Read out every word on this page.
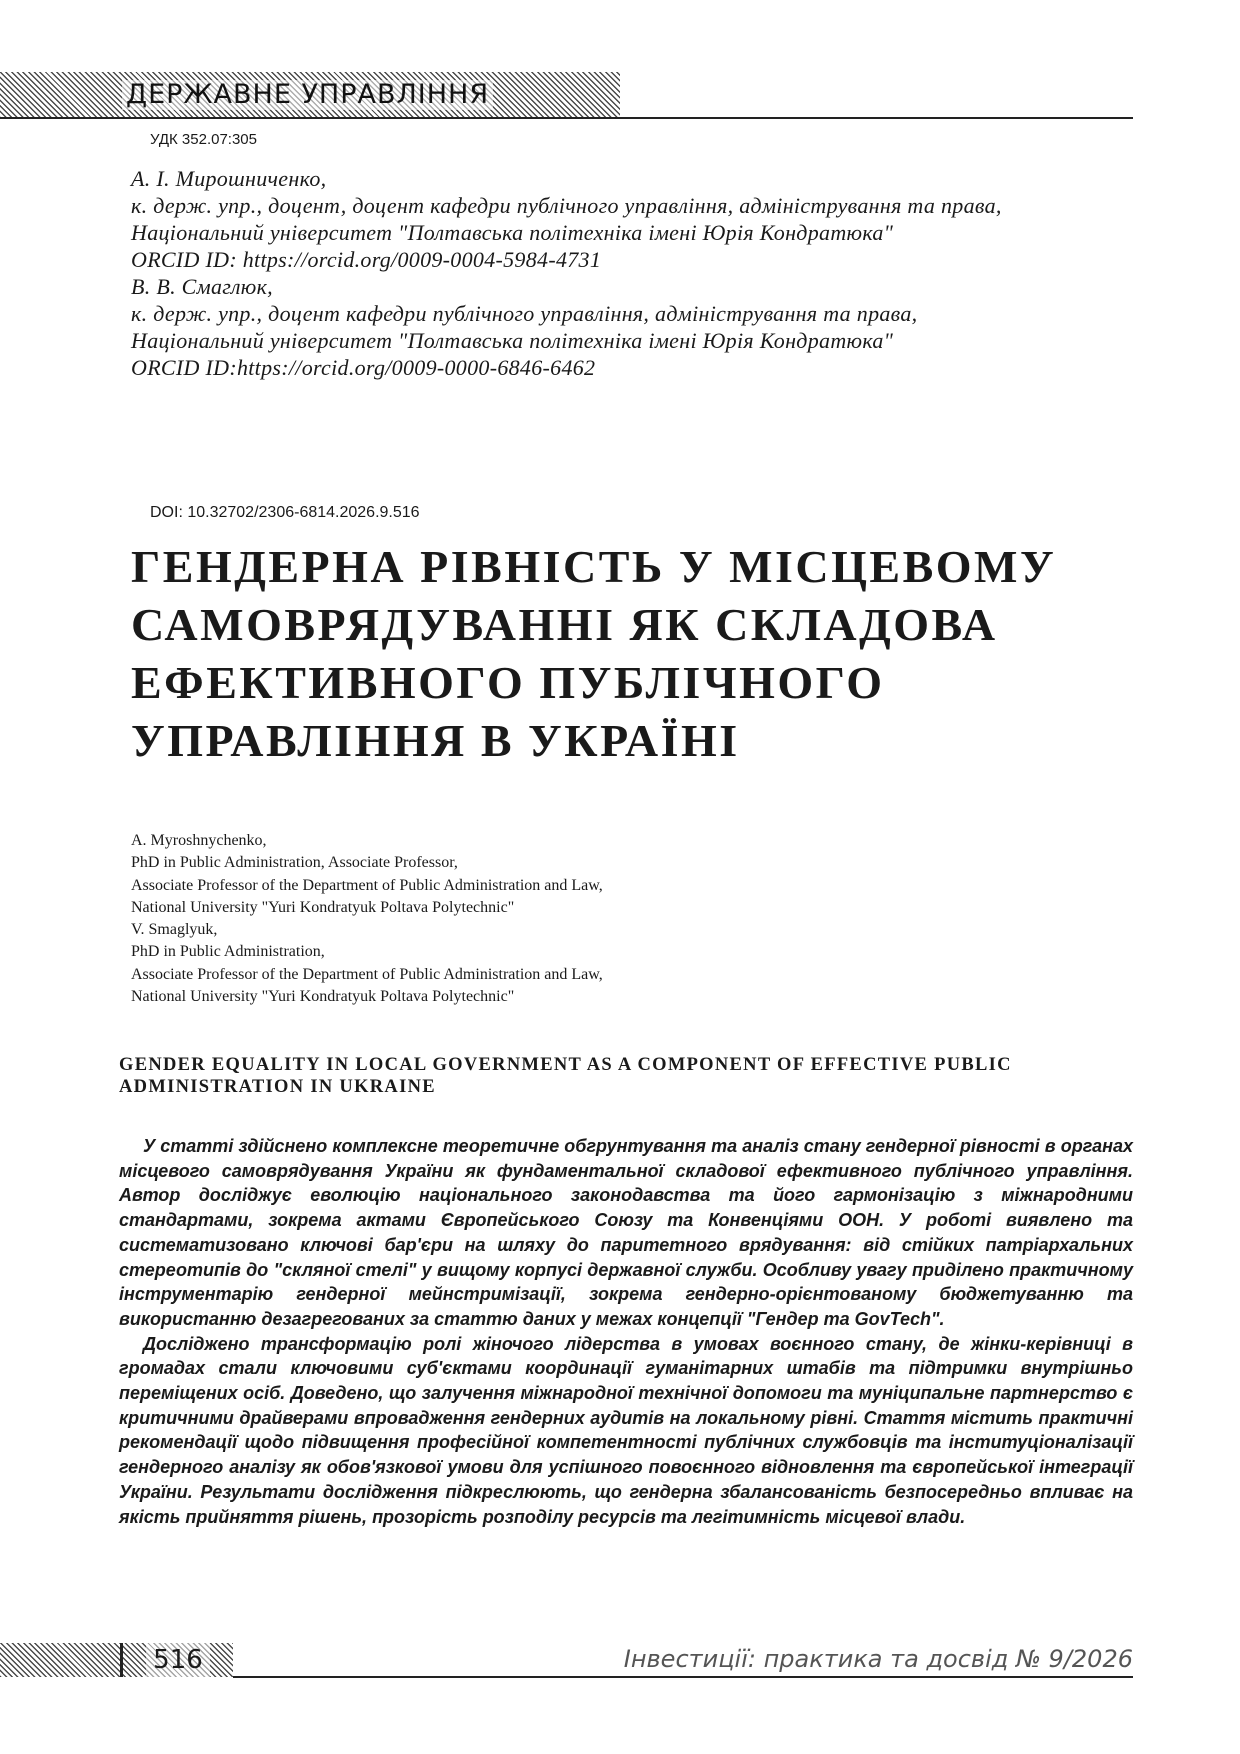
ДЕРЖАВНЕ УПРАВЛІННЯ
УДК 352.07:305
А. І. Мирошниченко,
к. держ. упр., доцент, доцент кафедри публічного управління, адміністрування та права,
Національний університет "Полтавська політехніка імені Юрія Кондратюка"
ORCID ID: https://orcid.org/0009-0004-5984-4731
В. В. Смаглюк,
к. держ. упр., доцент кафедри публічного управління, адміністрування та права,
Національний університет "Полтавська політехніка імені Юрія Кондратюка"
ORCID ID:https://orcid.org/0009-0000-6846-6462
DOI: 10.32702/2306-6814.2026.9.516
ГЕНДЕРНА РІВНІСТЬ У МІСЦЕВОМУ
САМОВРЯДУВАННІ ЯК СКЛАДОВА
ЕФЕКТИВНОГО ПУБЛІЧНОГО
УПРАВЛІННЯ В УКРАЇНІ
A. Myroshnychenko,
PhD in Public Administration, Associate Professor,
Associate Professor of the Department of Public Administration and Law,
National University "Yuri Kondratyuk Poltava Polytechnic"
V. Smaglyuk,
PhD in Public Administration,
Associate Professor of the Department of Public Administration and Law,
National University "Yuri Kondratyuk Poltava Polytechnic"
GENDER EQUALITY IN LOCAL GOVERNMENT AS A COMPONENT OF EFFECTIVE PUBLIC ADMINISTRATION IN UKRAINE

У статті здійснено комплексне теоретичне обгрунтування та аналіз стану гендерної рівності в органах місцевого самоврядування України як фундаментальної складової ефективного публічного управління. Автор досліджує еволюцію національного законодавства та його гармонізацію з міжнародними стандартами, зокрема актами Європейського Союзу та Конвенціями ООН. У роботі виявлено та систематизовано ключові бар'єри на шляху до паритетного врядування: від стійких патріархальних стереотипів до "скляної стелі" у вищому корпусі державної служби. Особливу увагу приділено практичному інструментарію гендерної мейнстримізації, зокрема гендерно-орієнтованому бюджетуванню та використанню дезагрегованих за статтю даних у межах концепції "Гендер та GovTech".

Досліджено трансформацію ролі жіночого лідерства в умовах воєнного стану, де жінки-керівниці в громадах стали ключовими суб'єктами координації гуманітарних штабів та підтримки внутрішньо переміщених осіб. Доведено, що залучення міжнародної технічної допомоги та муніципальне партнерство є критичними драйверами впровадження гендерних аудитів на локальному рівні. Стаття містить практичні рекомендації щодо підвищення професійної компетентності публічних службовців та інституціоналізації гендерного аналізу як обов'язкової умови для успішного повоєнного відновлення та європейської інтеграції України. Результати дослідження підкреслюють, що гендерна збалансованість безпосередньо впливає на якість прийняття рішень, прозорість розподілу ресурсів та легітимність місцевої влади.

516	Інвестиції: практика та досвід № 9/2026
